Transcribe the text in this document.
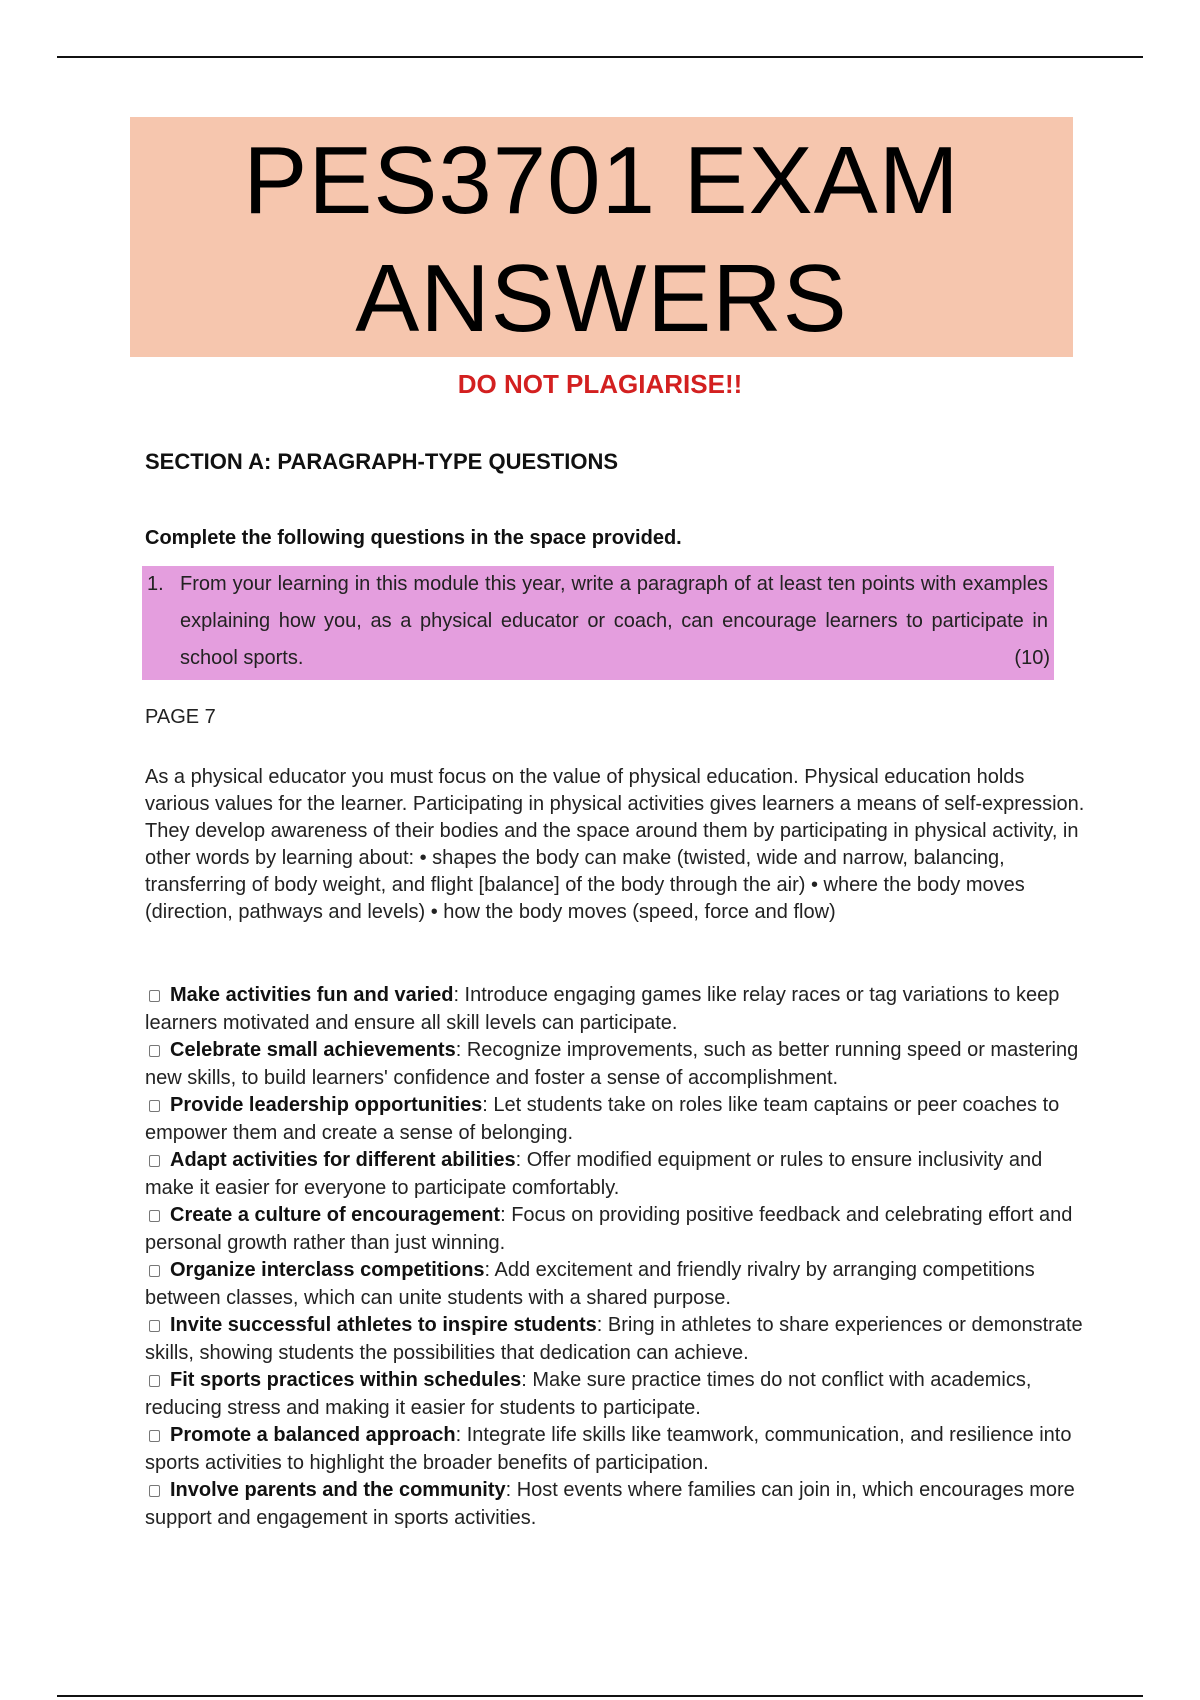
PES3701 EXAM
ANSWERS
DO NOT PLAGIARISE!!
SECTION A: PARAGRAPH-TYPE QUESTIONS
Complete the following questions in the space provided.
1. From your learning in this module this year, write a paragraph of at least ten points with examples explaining how you, as a physical educator or coach, can encourage learners to participate in school sports.	(10)
PAGE 7
As a physical educator you must focus on the value of physical education. Physical education holds various values for the learner. Participating in physical activities gives learners a means of self-expression. They develop awareness of their bodies and the space around them by participating in physical activity, in other words by learning about: • shapes the body can make (twisted, wide and narrow, balancing, transferring of body weight, and flight [balance] of the body through the air) • where the body moves (direction, pathways and levels) • how the body moves (speed, force and flow)
Make activities fun and varied: Introduce engaging games like relay races or tag variations to keep learners motivated and ensure all skill levels can participate.
Celebrate small achievements: Recognize improvements, such as better running speed or mastering new skills, to build learners' confidence and foster a sense of accomplishment.
Provide leadership opportunities: Let students take on roles like team captains or peer coaches to empower them and create a sense of belonging.
Adapt activities for different abilities: Offer modified equipment or rules to ensure inclusivity and make it easier for everyone to participate comfortably.
Create a culture of encouragement: Focus on providing positive feedback and celebrating effort and personal growth rather than just winning.
Organize interclass competitions: Add excitement and friendly rivalry by arranging competitions between classes, which can unite students with a shared purpose.
Invite successful athletes to inspire students: Bring in athletes to share experiences or demonstrate skills, showing students the possibilities that dedication can achieve.
Fit sports practices within schedules: Make sure practice times do not conflict with academics, reducing stress and making it easier for students to participate.
Promote a balanced approach: Integrate life skills like teamwork, communication, and resilience into sports activities to highlight the broader benefits of participation.
Involve parents and the community: Host events where families can join in, which encourages more support and engagement in sports activities.
